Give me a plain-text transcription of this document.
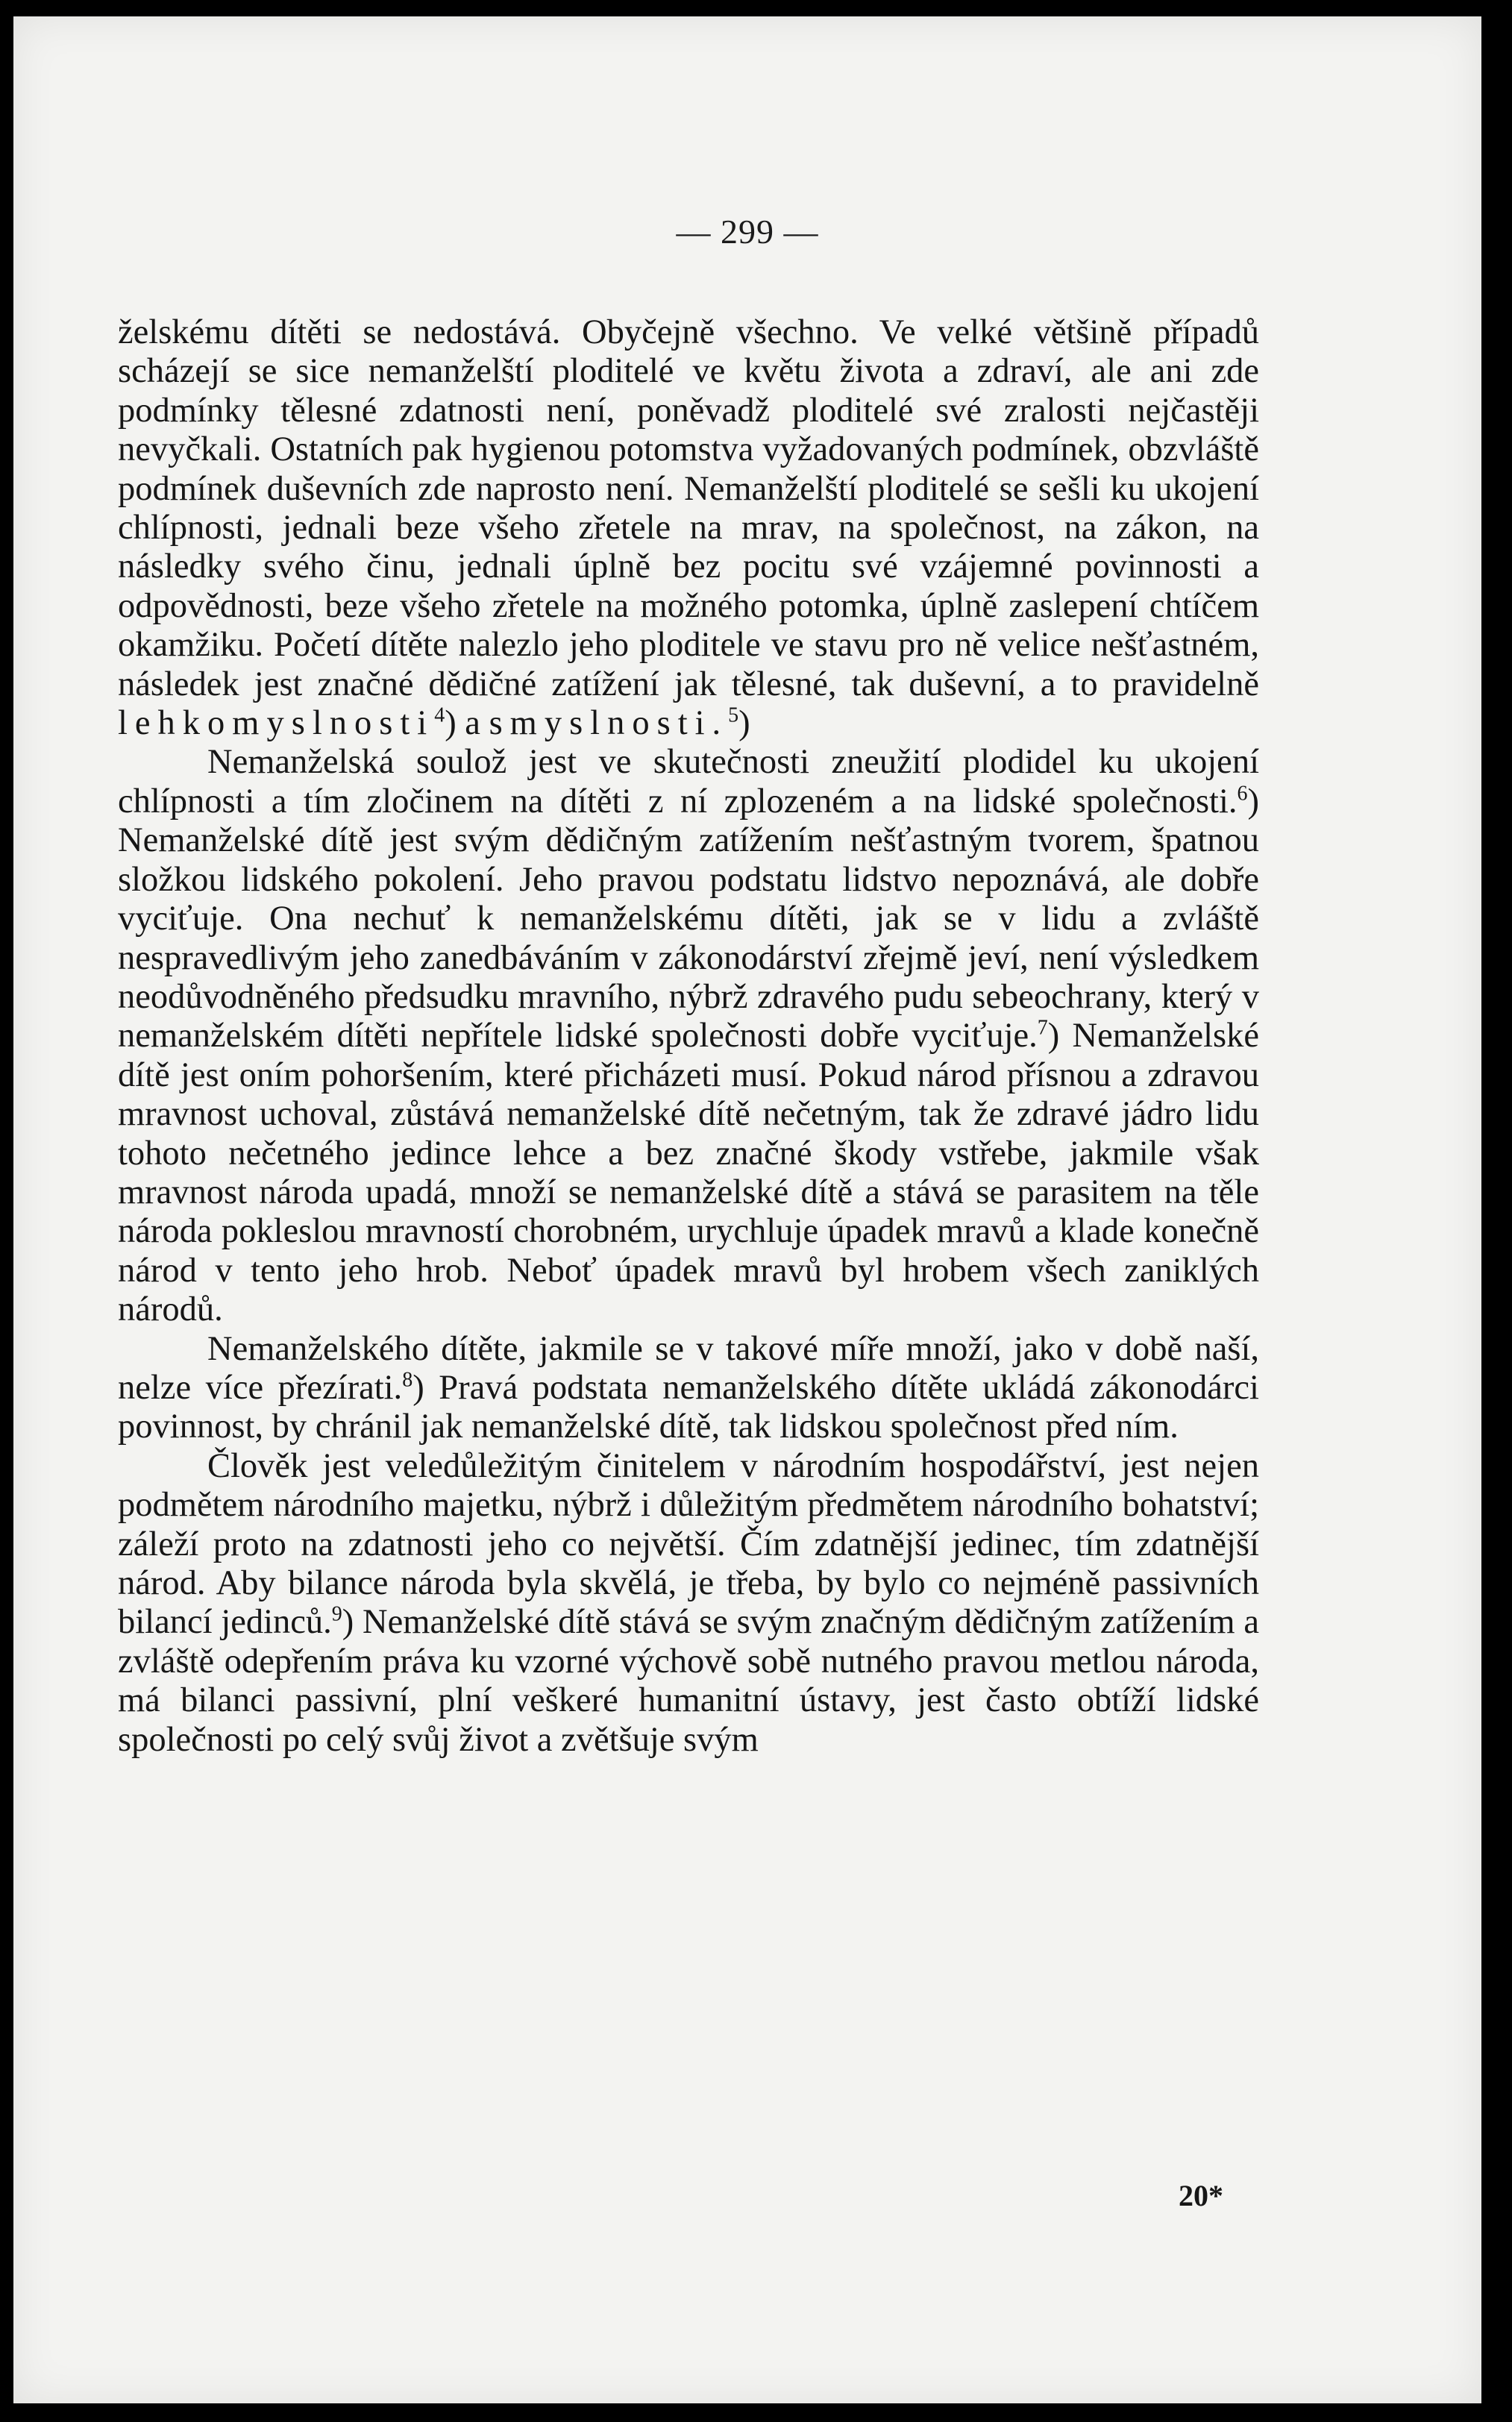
— 299 —

želskému dítěti se nedostává. Obyčejně všechno. Ve velké většině případů scházejí se sice nemanželští ploditelé ve květu života a zdraví, ale ani zde podmínky tělesné zdatnosti není, poněvadž ploditelé své zralosti nejčastěji nevyčkali. Ostatních pak hygienou potomstva vyžadovaných podmínek, obzvláště podmínek duševních zde naprosto není. Nemanželští ploditelé se sešli ku ukojení chlípnosti, jednali beze všeho zřetele na mrav, na společnost, na zákon, na následky svého činu, jednali úplně bez pocitu své vzájemné povinnosti a odpovědnosti, beze všeho zřetele na možného potomka, úplně zaslepení chtíčem okamžiku. Početí dítěte nalezlo jeho ploditele ve stavu pro ně velice nešťastném, následek jest značné dědičné zatížení jak tělesné, tak duševní, a to pravidelně lehkomyslnosti$^4$) a smyslnosti.$^5$)

Nemanželská soulož jest ve skutečnosti zneužití plodidel ku ukojení chlípnosti a tím zločinem na dítěti z ní zplozeném a na lidské společnosti.$^6$) Nemanželské dítě jest svým dědičným zatížením nešťastným tvorem, špatnou složkou lidského pokolení. Jeho pravou podstatu lidstvo nepoznává, ale dobře vyciťuje. Ona nechuť k nemanželskému dítěti, jak se v lidu a zvláště nespravedlivým jeho zanedbáváním v zákonodárství zřejmě jeví, není výsledkem neodůvodněného předsudku mravního, nýbrž zdravého pudu sebeochrany, který v nemanželském dítěti nepřítele lidské společnosti dobře vyciťuje.$^7$) Nemanželské dítě jest oním pohoršením, které přicházeti musí. Pokud národ přísnou a zdravou mravnost uchoval, zůstává nemanželské dítě nečetným, tak že zdravé jádro lidu tohoto nečetného jedince lehce a bez značné škody vstřebe, jakmile však mravnost národa upadá, množí se nemanželské dítě a stává se parasitem na těle národa pokleslou mravností chorobném, urychluje úpadek mravů a klade konečně národ v tento jeho hrob. Neboť úpadek mravů byl hrobem všech zaniklých národů.

Nemanželského dítěte, jakmile se v takové míře množí, jako v době naší, nelze více přezírati.$^8$) Pravá podstata nemanželského dítěte ukládá zákonodárci povinnost, by chránil jak nemanželské dítě, tak lidskou společnost před ním.

Člověk jest veledůležitým činitelem v národním hospodářství, jest nejen podmětem národního majetku, nýbrž i důležitým předmětem národního bohatství; záleží proto na zdatnosti jeho co největší. Čím zdatnější jedinec, tím zdatnější národ. Aby bilance národa byla skvělá, je třeba, by bylo co nejméně passivních bilancí jedinců.$^9$) Nemanželské dítě stává se svým značným dědičným zatížením a zvláště odepřením práva ku vzorné výchově sobě nutného pravou metlou národa, má bilanci passivní, plní veškeré humanitní ústavy, jest často obtíží lidské společnosti po celý svůj život a zvětšuje svým

20*
